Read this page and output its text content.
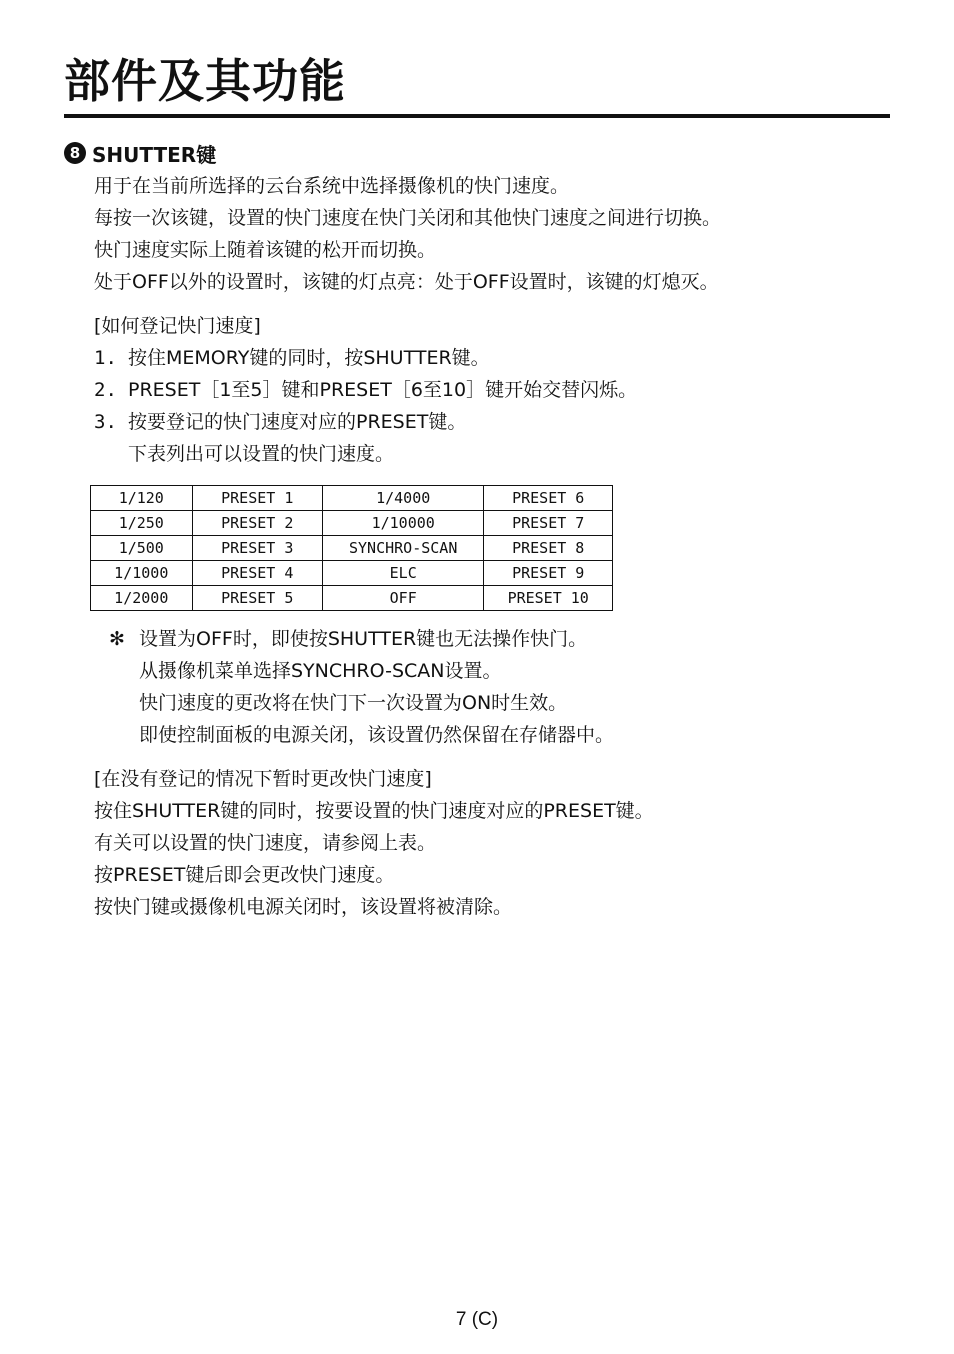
部件及其功能
8 SHUTTER键
用于在当前所选择的云台系统中选择摄像机的快门速度。
每按一次该键，设置的快门速度在快门关闭和其他快门速度之间进行切换。
快门速度实际上随着该键的松开而切换。
处于OFF以外的设置时，该键的灯点亮：处于OFF设置时，该键的灯熄灭。
[如何登记快门速度]
1. 按住MEMORY键的同时，按SHUTTER键。
2. PRESET［1至5］键和PRESET［6至10］键开始交替闪烁。
3. 按要登记的快门速度对应的PRESET键。
下表列出可以设置的快门速度。
1/120	PRESET 1	1/4000	PRESET 6
1/250	PRESET 2	1/10000	PRESET 7
1/500	PRESET 3	SYNCHRO-SCAN	PRESET 8
1/1000	PRESET 4	ELC	PRESET 9
1/2000	PRESET 5	OFF	PRESET 10
✻ 设置为OFF时，即使按SHUTTER键也无法操作快门。
从摄像机菜单选择SYNCHRO-SCAN设置。
快门速度的更改将在快门下一次设置为ON时生效。
即使控制面板的电源关闭，该设置仍然保留在存储器中。
[在没有登记的情况下暂时更改快门速度]
按住SHUTTER键的同时，按要设置的快门速度对应的PRESET键。
有关可以设置的快门速度，请参阅上表。
按PRESET键后即会更改快门速度。
按快门键或摄像机电源关闭时，该设置将被清除。
7 (C)
